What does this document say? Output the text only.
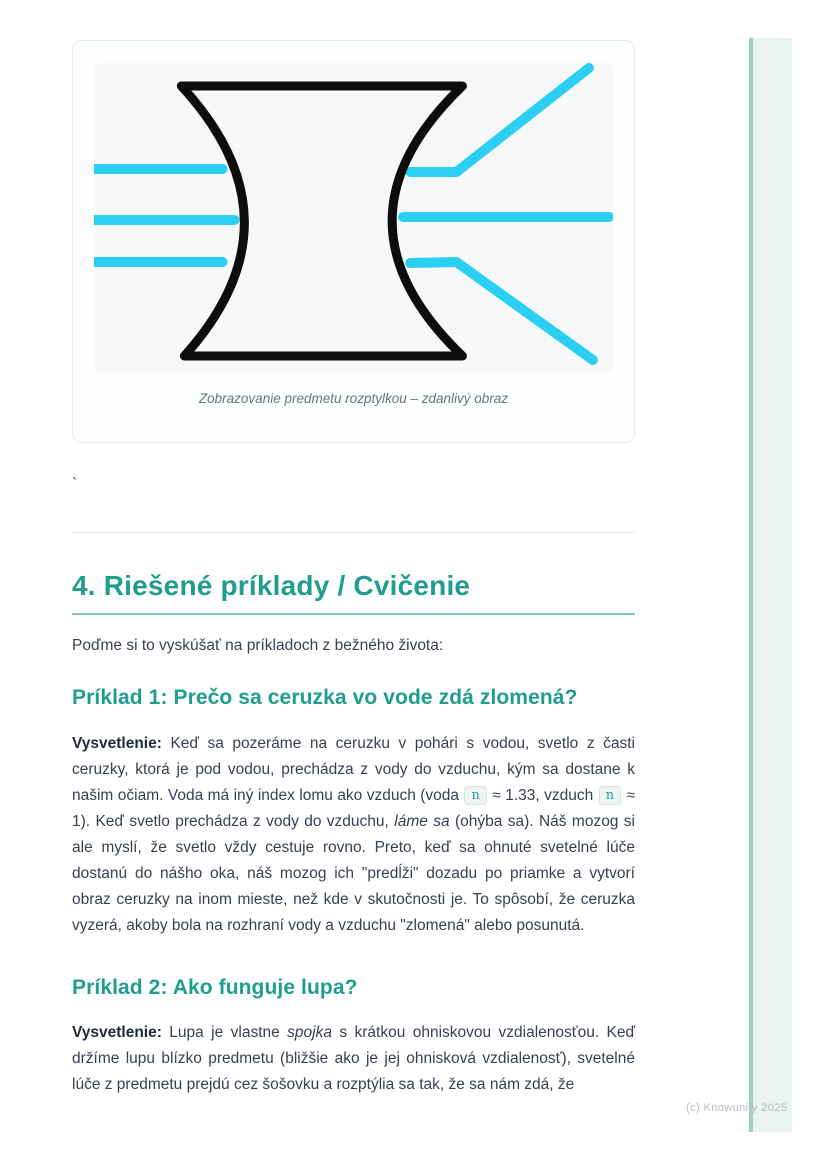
Zobrazovanie predmetu rozptylkou – zdanlivý obraz
`
4. Riešené príklady / Cvičenie

Poďme si to vyskúšať na príkladoch z bežného života:

Príklad 1: Prečo sa ceruzka vo vode zdá zlomená?

Vysvetlenie: Keď sa pozeráme na ceruzku v pohári s vodou, svetlo z časti ceruzky, ktorá je pod vodou, prechádza z vody do vzduchu, kým sa dostane k našim očiam. Voda má iný index lomu ako vzduch (voda n ≈ 1.33, vzduch n ≈ 1). Keď svetlo prechádza z vody do vzduchu, láme sa (ohýba sa). Náš mozog si ale myslí, že svetlo vždy cestuje rovno. Preto, keď sa ohnuté svetelné lúče dostanú do nášho oka, náš mozog ich "predĺži" dozadu po priamke a vytvorí obraz ceruzky na inom mieste, než kde v skutočnosti je. To spôsobí, že ceruzka vyzerá, akoby bola na rozhraní vody a vzduchu "zlomená" alebo posunutá.

Príklad 2: Ako funguje lupa?

Vysvetlenie: Lupa je vlastne spojka s krátkou ohniskovou vzdialenosťou. Keď držíme lupu blízko predmetu (bližšie ako je jej ohnisková vzdialenosť), svetelné lúče z predmetu prejdú cez šošovku a rozptýlia sa tak, že sa nám zdá, že

(c) Knowunity 2025
